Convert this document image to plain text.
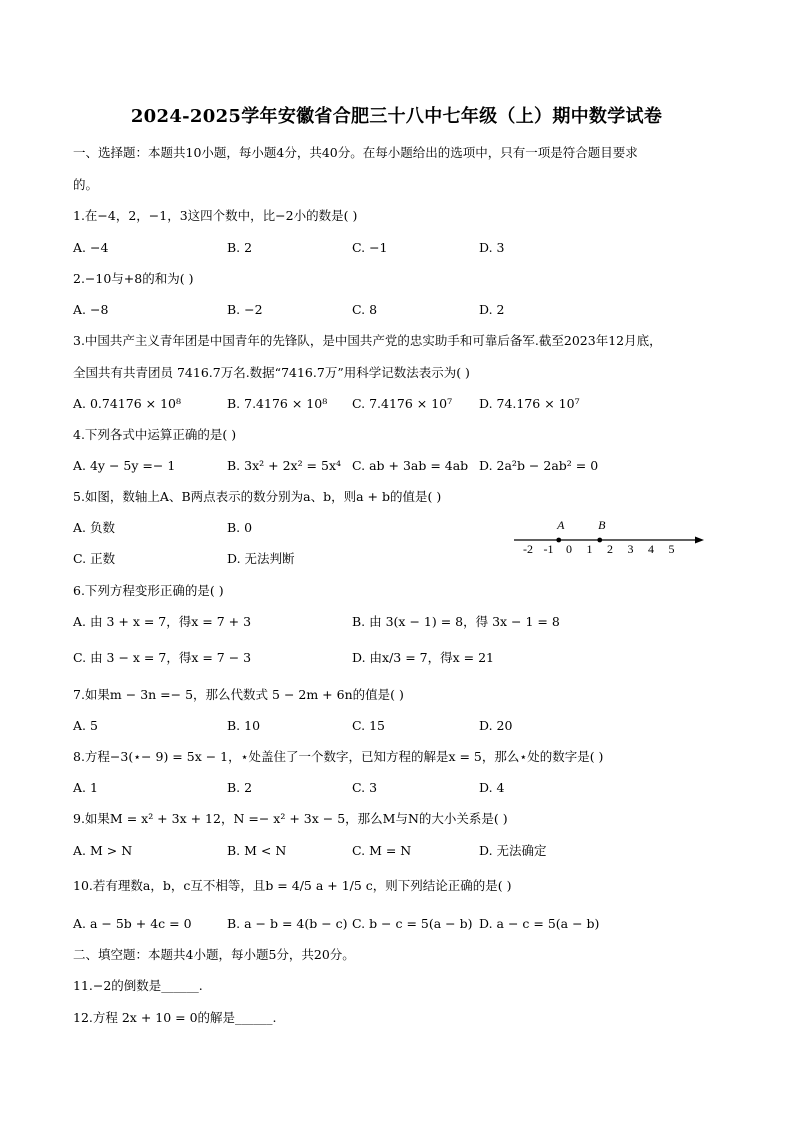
2024-2025学年安徽省合肥三十八中七年级（上）期中数学试卷
一、选择题：本题共10小题，每小题4分，共40分。在每小题给出的选项中，只有一项是符合题目要求
的。
1.在−4，2，−1，3这四个数中，比−2小的数是( )
A. −4	B. 2	C. −1	D. 3
2.−10与+8的和为( )
A. −8	B. −2	C. 8	D. 2
3.中国共产主义青年团是中国青年的先锋队，是中国共产党的忠实助手和可靠后备军.截至2023年12月底，
全国共有共青团员 7416.7万名.数据“7416.7万”用科学记数法表示为( )
A. 0.74176 × 10⁸	B. 7.4176 × 10⁸ C. 7.4176 × 10⁷ D. 74.176 × 10⁷
4.下列各式中运算正确的是( )
A. 4y − 5y =− 1	B. 3x² + 2x² = 5x⁴ C. ab + 3ab = 4ab D. 2a²b − 2ab² = 0
5.如图，数轴上A、B两点表示的数分别为a、b，则a + b的值是( )
A. 负数	B. 0
C. 正数	D. 无法判断
-2 -1 0 1 2 3 4 5
A	B
6.下列方程变形正确的是( )
A. 由 3 + x = 7，得x = 7 + 3	B. 由 3(x − 1) = 8，得 3x − 1 = 8
C. 由 3 − x = 7，得x = 7 − 3	D. 由x/3 = 7，得x = 21
7.如果m − 3n =− 5，那么代数式 5 − 2m + 6n的值是( )
A. 5	B. 10	C. 15	D. 20
8.方程−3(⋆− 9) = 5x − 1，⋆处盖住了一个数字，已知方程的解是x = 5，那么⋆处的数字是( )
A. 1	B. 2	C. 3	D. 4
9.如果M = x² + 3x + 12，N =− x² + 3x − 5，那么M与N的大小关系是( )
A. M > N	B. M < N	C. M = N	D. 无法确定
10.若有理数a，b，c互不相等，且b = 4/5 a + 1/5 c，则下列结论正确的是( )
A. a − 5b + 4c = 0	B. a − b = 4(b − c) C. b − c = 5(a − b) D. a − c = 5(a − b)
二、填空题：本题共4小题，每小题5分，共20分。
11.−2的倒数是______.
12.方程 2x + 10 = 0的解是______.
